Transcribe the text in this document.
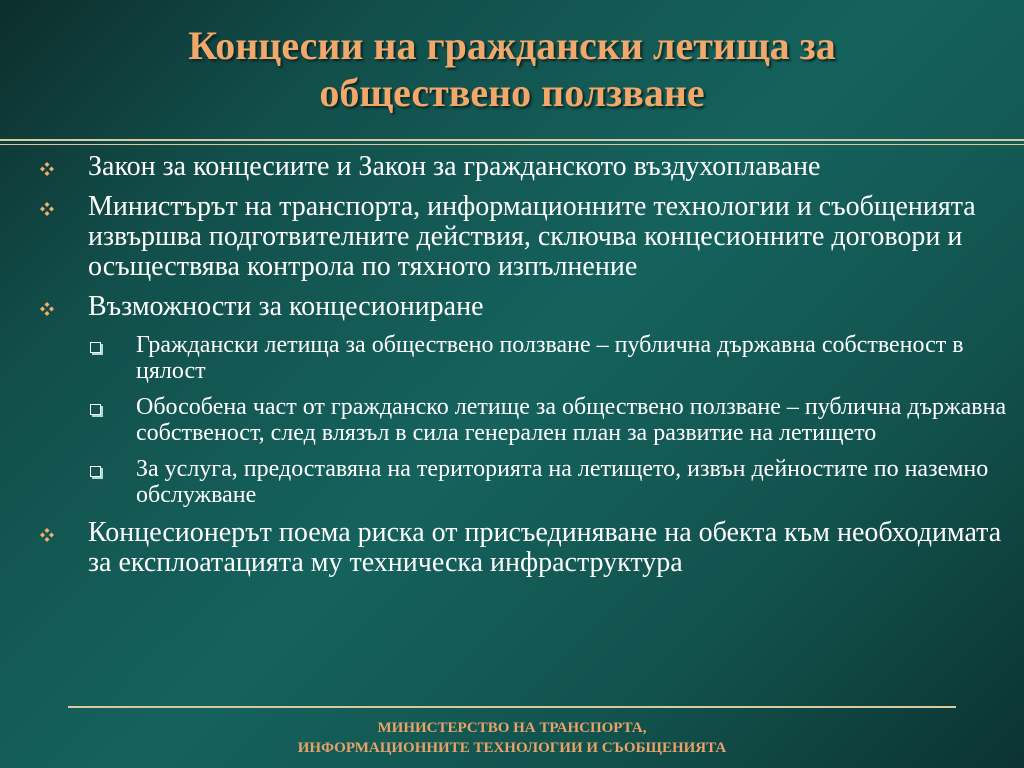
Концесии на граждански летища за
обществено ползване
Закон за концесиите и Закон за гражданското въздухоплаване
Министърът на транспорта, информационните технологии и съобщенията извършва подготвителните действия, сключва концесионните договори и осъществява контрола по тяхното изпълнение
Възможности за концесиониране
Граждански летища за обществено ползване – публична държавна собственост в цялост
Обособена част от гражданско летище за обществено ползване – публична държавна собственост, след влязъл в сила генерален план за развитие на летището
За услуга, предоставяна на територията на летището, извън дейностите по наземно обслужване
Концесионерът поема риска от присъединяване на обекта към необходимата за експлоатацията му техническа инфраструктура
МИНИСТЕРСТВО НА ТРАНСПОРТА,
ИНФОРМАЦИОННИТЕ ТЕХНОЛОГИИ И СЪОБЩЕНИЯТА
